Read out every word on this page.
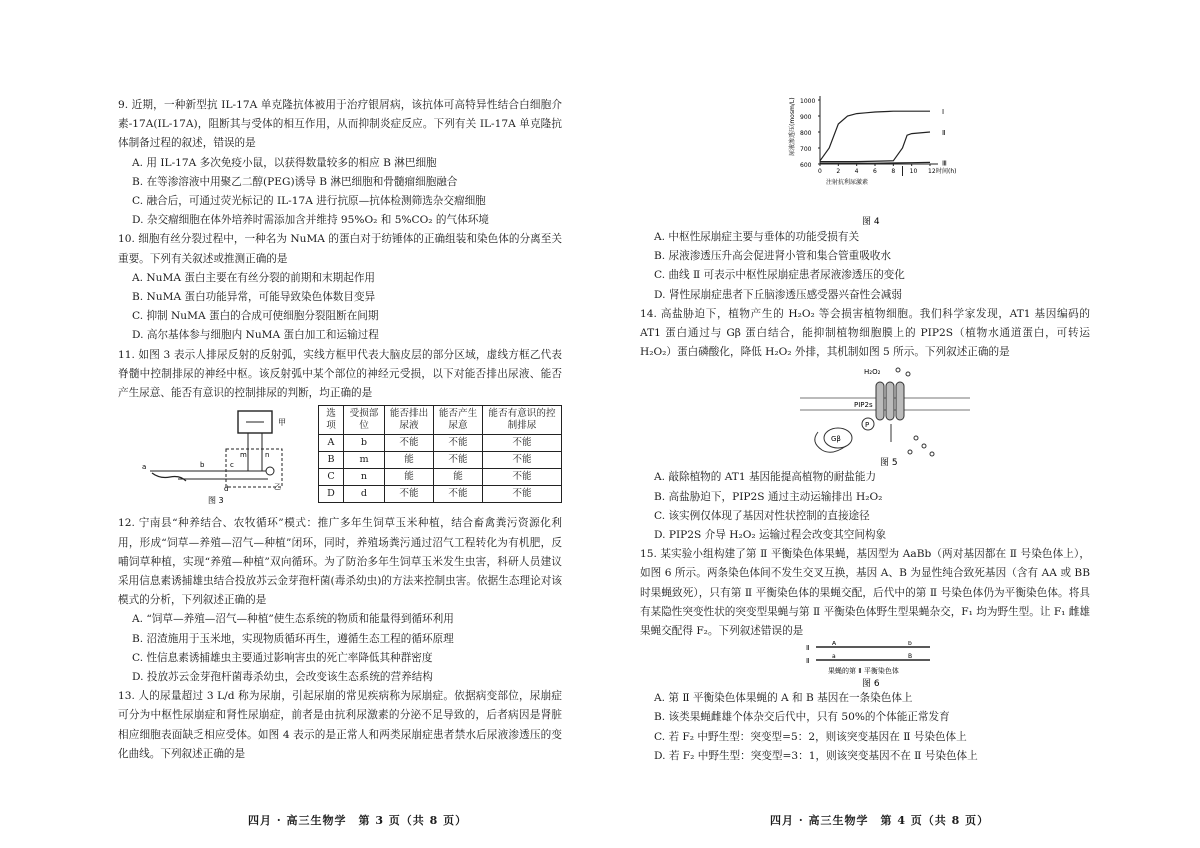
9. 近期，一种新型抗 IL-17A 单克隆抗体被用于治疗银屑病，该抗体可高特异性结合白细胞介素-17A(IL-17A)，阻断其与受体的相互作用，从而抑制炎症反应。下列有关 IL-17A 单克隆抗体制备过程的叙述，错误的是

A. 用 IL-17A 多次免疫小鼠，以获得数量较多的相应 B 淋巴细胞

B. 在等渗溶液中用聚乙二醇(PEG)诱导 B 淋巴细胞和骨髓瘤细胞融合

C. 融合后，可通过荧光标记的 IL-17A 进行抗原—抗体检测筛选杂交瘤细胞

D. 杂交瘤细胞在体外培养时需添加含并维持 95%O₂ 和 5%CO₂ 的气体环境

10. 细胞有丝分裂过程中，一种名为 NuMA 的蛋白对于纺锤体的正确组装和染色体的分离至关重要。下列有关叙述或推测正确的是

A. NuMA 蛋白主要在有丝分裂的前期和末期起作用

B. NuMA 蛋白功能异常，可能导致染色体数目变异

C. 抑制 NuMA 蛋白的合成可使细胞分裂阻断在间期

D. 高尔基体参与细胞内 NuMA 蛋白加工和运输过程

11. 如图 3 表示人排尿反射的反射弧，实线方框甲代表大脑皮层的部分区域，虚线方框乙代表脊髓中控制排尿的神经中枢。该反射弧中某个部位的神经元受损，以下对能否排出尿液、能否产生尿意、能否有意识的控制排尿的判断，均正确的是

甲
m	n
b
a	c
d	乙
图 3
选项	受损部位	能否排出尿液	能否产生尿意	能否有意识的控制排尿
A	b	不能	不能	不能
B	m	能	不能	不能
C	n	能	能	不能
D	d	不能	不能	不能

12. 宁南县“种养结合、农牧循环”模式：推广多年生饲草玉米种植，结合畜禽粪污资源化利用，形成“饲草—养殖—沼气—种植”闭环，同时，养殖场粪污通过沼气工程转化为有机肥，反哺饲草种植，实现“养殖—种植”双向循环。为了防治多年生饲草玉米发生虫害，科研人员建议采用信息素诱捕雄虫结合投放苏云金芽孢杆菌(毒杀幼虫)的方法来控制虫害。依据生态理论对该模式的分析，下列叙述正确的是

A. “饲草—养殖—沼气—种植”使生态系统的物质和能量得到循环利用

B. 沼渣施用于玉米地，实现物质循环再生，遵循生态工程的循环原理

C. 性信息素诱捕雄虫主要通过影响害虫的死亡率降低其种群密度

D. 投放苏云金芽孢杆菌毒杀幼虫，会改变该生态系统的营养结构

13. 人的尿量超过 3 L/d 称为尿崩，引起尿崩的常见疾病称为尿崩症。依据病变部位，尿崩症可分为中枢性尿崩症和肾性尿崩症，前者是由抗利尿激素的分泌不足导致的，后者病因是肾脏相应细胞表面缺乏相应受体。如图 4 表示的是正常人和两类尿崩症患者禁水后尿液渗透压的变化曲线。下列叙述正确的是

四月 · 高三生物学　第 3 页（共 8 页）
600
700
800
900
1000
0 2 4 6 8 10 12 时间(h)
尿液渗透压(mosm/L)
注射抗利尿激素
Ⅰ
Ⅱ
Ⅲ
图 4

A. 中枢性尿崩症主要与垂体的功能受损有关

B. 尿液渗透压升高会促进肾小管和集合管重吸收水

C. 曲线 Ⅱ 可表示中枢性尿崩症患者尿液渗透压的变化

D. 肾性尿崩症患者下丘脑渗透压感受器兴奋性会减弱

14. 高盐胁迫下，植物产生的 H₂O₂ 等会损害植物细胞。我们科学家发现，AT1 基因编码的 AT1 蛋白通过与 Gβ 蛋白结合，能抑制植物细胞膜上的 PIP2S（植物水通道蛋白，可转运 H₂O₂）蛋白磷酸化，降低 H₂O₂ 外排，其机制如图 5 所示。下列叙述正确的是

PIP2s
H₂O₂
P
Gβ
图 5

A. 敲除植物的 AT1 基因能提高植物的耐盐能力

B. 高盐胁迫下，PIP2S 通过主动运输排出 H₂O₂

C. 该实例仅体现了基因对性状控制的直接途径

D. PIP2S 介导 H₂O₂ 运输过程会改变其空间构象

15. 某实验小组构建了第 Ⅱ 平衡染色体果蝇，基因型为 AaBb（两对基因都在 Ⅱ 号染色体上），如图 6 所示。两条染色体间不发生交叉互换，基因 A、B 为显性纯合致死基因（含有 AA 或 BB 时果蝇致死），只有第 Ⅱ 平衡染色体的果蝇交配，后代中的第 Ⅱ 号染色体仍为平衡染色体。将具有某隐性突变性状的突变型果蝇与第 Ⅱ 平衡染色体野生型果蝇杂交，F₁ 均为野生型。让 F₁ 雌雄果蝇交配得 F₂。下列叙述错误的是

Ⅱ
A	b
Ⅱ
a	B
果蝇的第 Ⅱ 平衡染色体
图 6

A. 第 Ⅱ 平衡染色体果蝇的 A 和 B 基因在一条染色体上

B. 该类果蝇雌雄个体杂交后代中，只有 50%的个体能正常发育

C. 若 F₂ 中野生型：突变型=5：2，则该突变基因在 Ⅱ 号染色体上

D. 若 F₂ 中野生型：突变型=3：1，则该突变基因不在 Ⅱ 号染色体上

四月 · 高三生物学　第 4 页（共 8 页）
